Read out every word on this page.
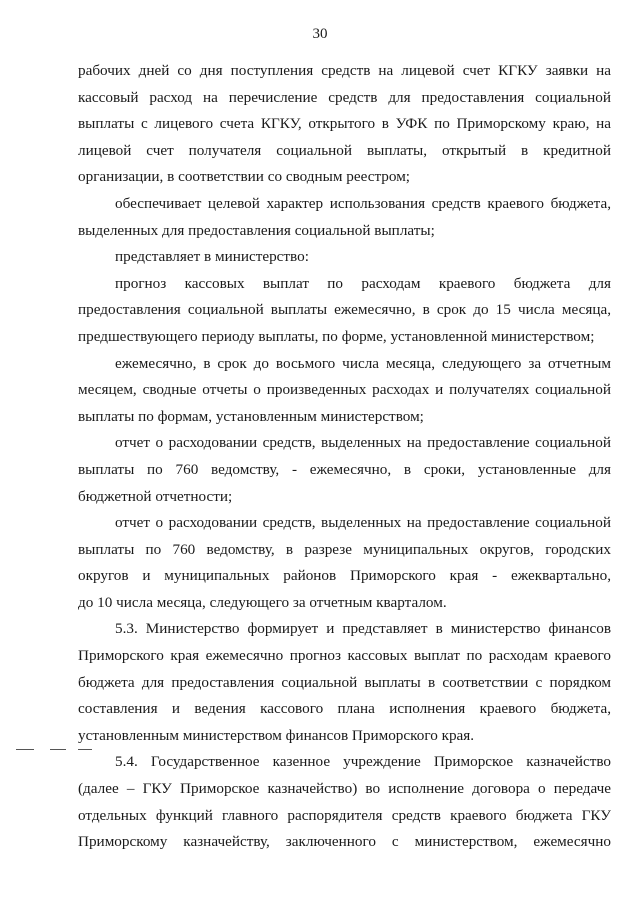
30
рабочих дней со дня поступления средств на лицевой счет КГКУ заявки на
кассовый расход на перечисление средств для предоставления социальной
выплаты с лицевого счета КГКУ, открытого в УФК по Приморскому краю, на
лицевой счет получателя социальной выплаты, открытый в кредитной
организации, в соответствии со сводным реестром;
обеспечивает целевой характер использования средств краевого бюджета,
выделенных для предоставления социальной выплаты;
представляет в министерство:
прогноз кассовых выплат по расходам краевого бюджета для
предоставления социальной выплаты ежемесячно, в срок до 15 числа месяца,
предшествующего периоду выплаты, по форме, установленной министерством;
ежемесячно, в срок до восьмого числа месяца, следующего за отчетным
месяцем, сводные отчеты о произведенных расходах и получателях социальной
выплаты по формам, установленным министерством;
отчет о расходовании средств, выделенных на предоставление социальной
выплаты по 760 ведомству, - ежемесячно, в сроки, установленные для
бюджетной отчетности;
отчет о расходовании средств, выделенных на предоставление социальной
выплаты по 760 ведомству, в разрезе муниципальных округов, городских
округов и муниципальных районов Приморского края - ежеквартально,
до 10 числа месяца, следующего за отчетным кварталом.
5.3. Министерство формирует и представляет в министерство финансов
Приморского края ежемесячно прогноз кассовых выплат по расходам краевого
бюджета для предоставления социальной выплаты в соответствии с порядком
составления и ведения кассового плана исполнения краевого бюджета,
установленным министерством финансов Приморского края.
5.4. Государственное казенное учреждение Приморское казначейство
(далее – ГКУ Приморское казначейство) во исполнение договора о передаче
отдельных функций главного распорядителя средств краевого бюджета ГКУ
Приморскому казначейству, заключенного с министерством, ежемесячно
